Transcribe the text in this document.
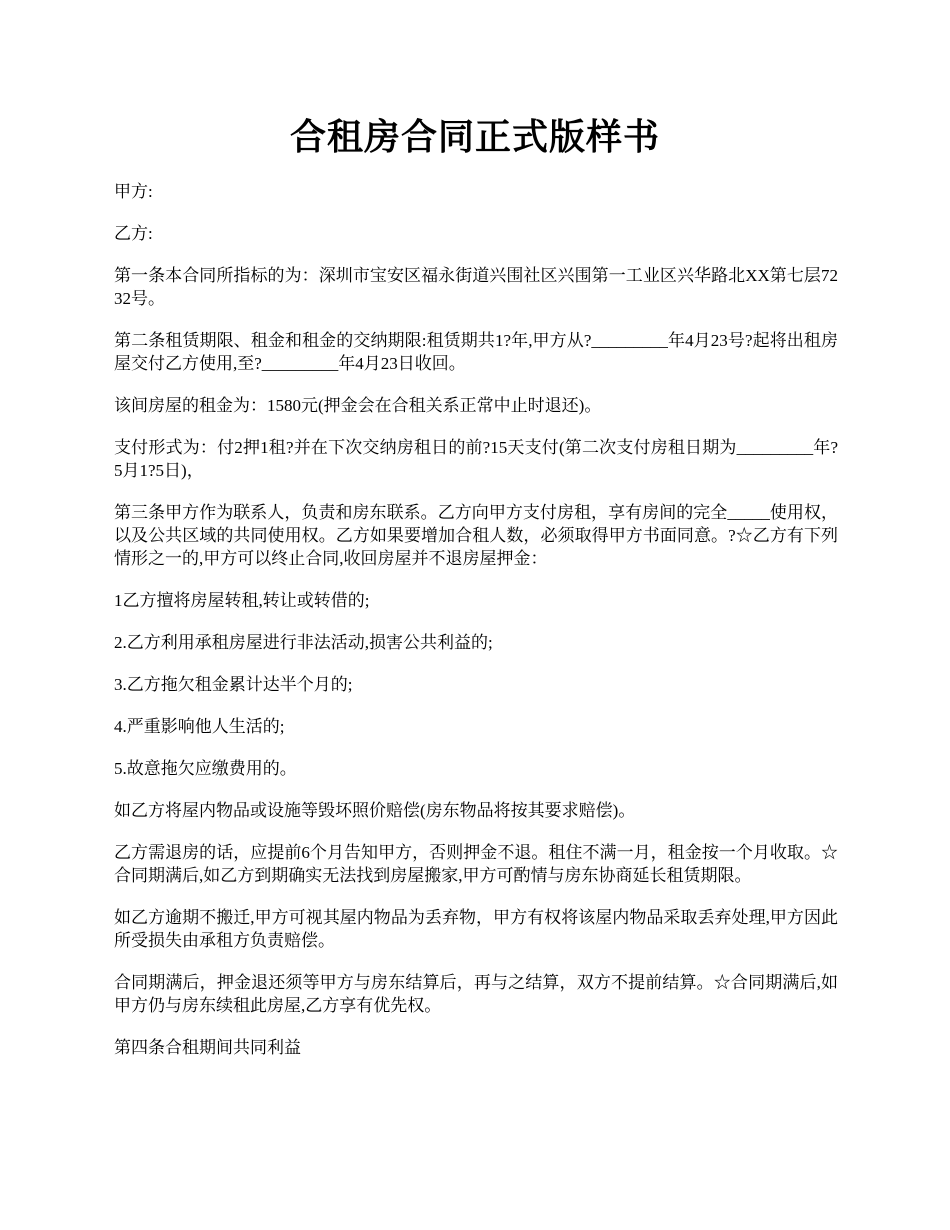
合租房合同正式版样书

甲方:

乙方:

第一条本合同所指标的为：深圳市宝安区福永街道兴围社区兴围第一工业区兴华路北XX第七层7232号。

第二条租赁期限、租金和租金的交纳期限:租赁期共1?年,甲方从?_________年4月23号?起将出租房屋交付乙方使用,至?_________年4月23日收回。

该间房屋的租金为：1580元(押金会在合租关系正常中止时退还)。

支付形式为：付2押1租?并在下次交纳房租日的前?15天支付(第二次支付房租日期为_________年?5月1?5日)，

第三条甲方作为联系人，负责和房东联系。乙方向甲方支付房租，享有房间的完全_____使用权，以及公共区域的共同使用权。乙方如果要增加合租人数，必须取得甲方书面同意。?☆乙方有下列情形之一的,甲方可以终止合同,收回房屋并不退房屋押金：

1乙方擅将房屋转租,转让或转借的;

2.乙方利用承租房屋进行非法活动,损害公共利益的;

3.乙方拖欠租金累计达半个月的;

4.严重影响他人生活的;

5.故意拖欠应缴费用的。

如乙方将屋内物品或设施等毁坏照价赔偿(房东物品将按其要求赔偿)。

乙方需退房的话，应提前6个月告知甲方，否则押金不退。租住不满一月，租金按一个月收取。☆合同期满后,如乙方到期确实无法找到房屋搬家,甲方可酌情与房东协商延长租赁期限。

如乙方逾期不搬迁,甲方可视其屋内物品为丢弃物，甲方有权将该屋内物品采取丢弃处理,甲方因此所受损失由承租方负责赔偿。

合同期满后，押金退还须等甲方与房东结算后，再与之结算，双方不提前结算。☆合同期满后,如甲方仍与房东续租此房屋,乙方享有优先权。

第四条合租期间共同利益
